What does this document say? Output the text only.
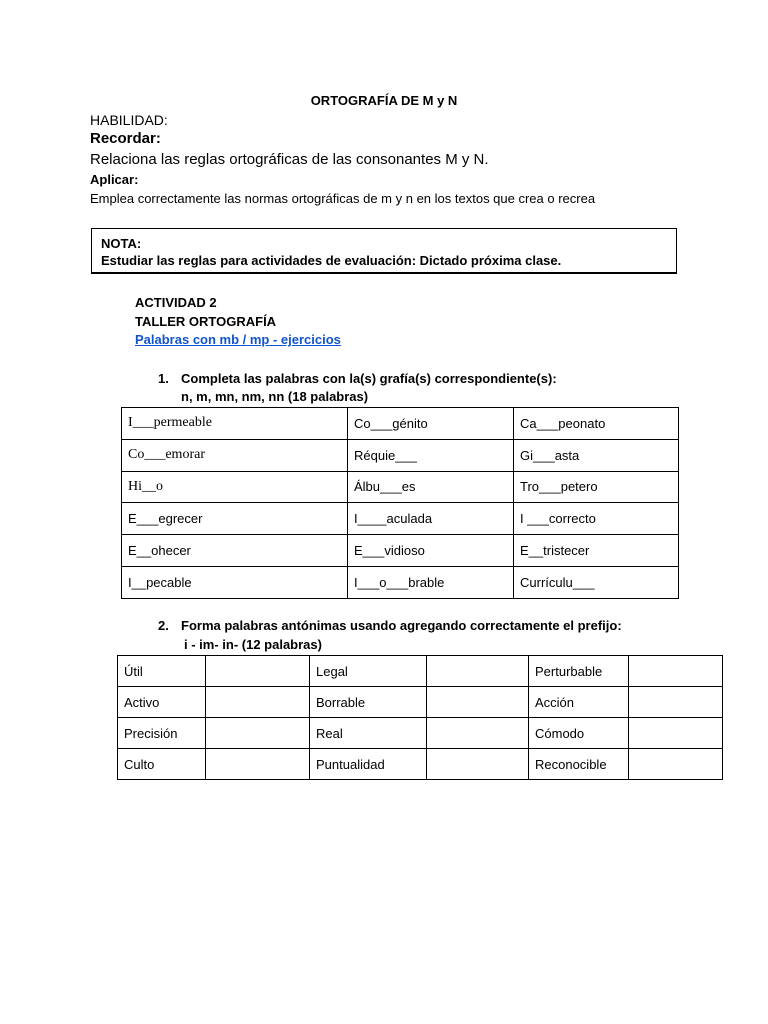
ORTOGRAFÍA DE M y N
HABILIDAD:
Recordar:
Relaciona las reglas ortográficas de las consonantes M y N.
Aplicar:
Emplea correctamente las normas ortográficas de m y n en los textos que crea o recrea
NOTA:
Estudiar las reglas para actividades de evaluación: Dictado próxima clase.
ACTIVIDAD 2
TALLER ORTOGRAFÍA
Palabras con mb / mp - ejercicios
1. Completa las palabras con la(s) grafía(s) correspondiente(s):
n, m, mn, nm, nn (18 palabras)
I___permeable	Co___génito	Ca___peonato
Co___emorar	Réquie___	Gi___asta
Hi__o	Álbu___es	Tro___petero
E___egrecer	I____aculada	I ___correcto
E__ohecer	E___vidioso	E__tristecer
I__pecable	I___o___brable	Currículu___
2. Forma palabras antónimas usando agregando correctamente el prefijo:
i - im- in- (12 palabras)
Útil		Legal		Perturbable	
Activo		Borrable		Acción	
Precisión		Real		Cómodo	
Culto		Puntualidad		Reconocible	
